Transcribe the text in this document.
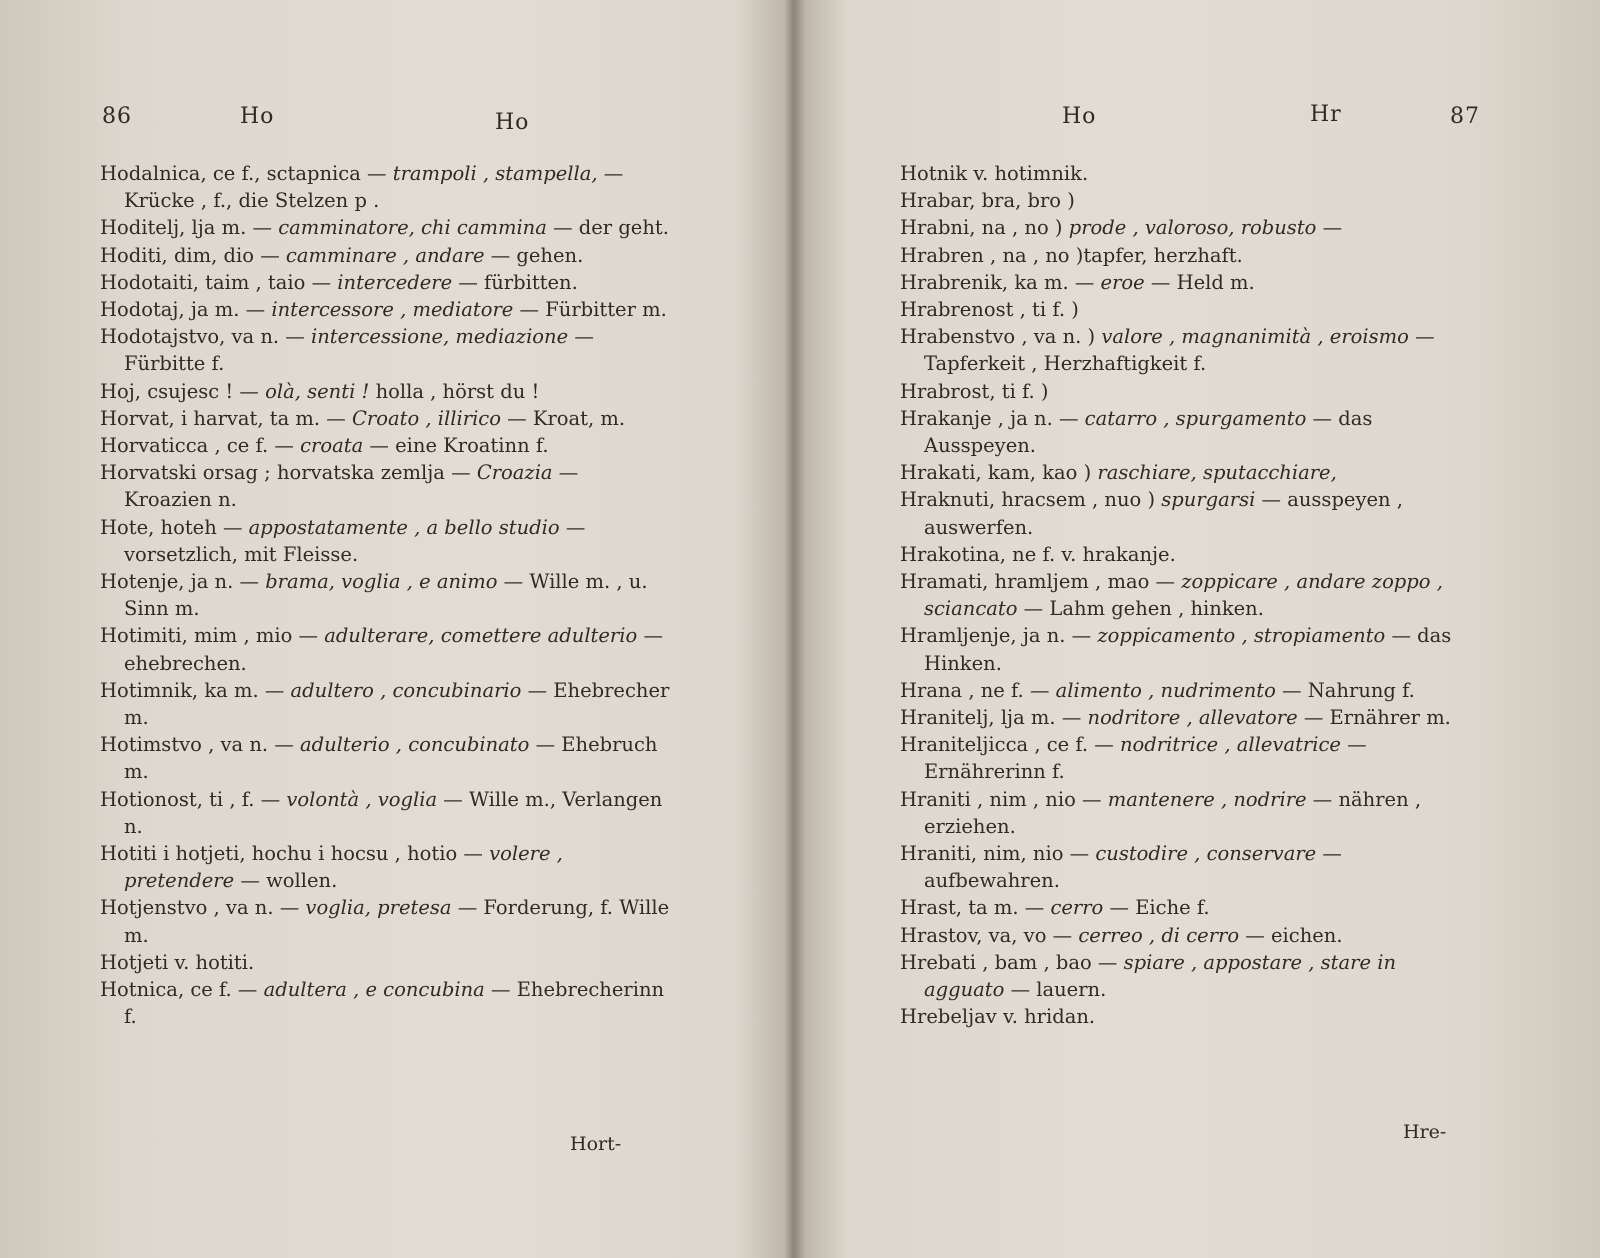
86	Ho	Ho
Hodalnica, ce f., sctapnica — trampoli , stampella, —Krücke , f., die Stelzen p .
Hoditelj, lja m. — camminatore, chi cammina — der geht.
Hoditi, dim, dio — camminare , andare — gehen.
Hodotaiti, taim , taio — intercedere — fürbitten.
Hodotaj, ja m. — intercessore , mediatore — Fürbitter m.
Hodotajstvo, va n. — intercessione, mediazione — Fürbitte f.
Hoj, csujesc ! — olà, senti ! holla , hörst du !
Horvat, i harvat, ta m. — Croato , illirico — Kroat, m.
Horvaticca , ce f. — croata — eine Kroatinn f.
Horvatski orsag ; horvatska zemlja — Croazia — Kroazien n.
Hote, hoteh — appostatamente , a bello studio — vorsetzlich, mit Fleisse.
Hotenje, ja n. — brama, voglia , e animo — Wille m. , u. Sinn m.
Hotimiti, mim , mio — adulterare, comettere adulterio — ehebrechen.
Hotimnik, ka m. — adultero , concubinario — Ehebrecher m.
Hotimstvo , va n. — adulterio , concubinato — Ehebruch m.
Hotionost, ti , f. — volontà , voglia — Wille m., Verlangen n.
Hotiti i hotjeti, hochu i hocsu , hotio — volere , pretendere — wollen.
Hotjenstvo , va n. — voglia, pretesa — Forderung, f. Wille m.
Hotjeti v. hotiti.
Hotnica, ce f. — adultera , e concubina — Ehebrecherinn f.
Hort-
Ho	Hr	87
Hotnik v. hotimnik.
Hrabar, bra, bro )
Hrabni, na , no ) prode , valoroso, robusto —
Hrabren , na , no )tapfer, herzhaft.
Hrabrenik, ka m. — eroe — Held m.
Hrabrenost , ti f. )
Hrabenstvo , va n. ) valore , magnanimità , eroismo — Tapferkeit , Herzhaftigkeit f.
Hrabrost, ti f. )
Hrakanje , ja n. — catarro , spurgamento — das Ausspeyen.
Hrakati, kam, kao ) raschiare, sputacchiare,
Hraknuti, hracsem , nuo ) spurgarsi — ausspeyen , auswerfen.
Hrakotina, ne f. v. hrakanje.
Hramati, hramljem , mao — zoppicare , andare zoppo , sciancato — Lahm gehen , hinken.
Hramljenje, ja n. — zoppicamento , stropiamento — das Hinken.
Hrana , ne f. — alimento , nudrimento — Nahrung f.
Hranitelj, lja m. — nodritore , allevatore — Ernährer m.
Hraniteljicca , ce f. — nodritrice , allevatrice — Ernährerinn f.
Hraniti , nim , nio — mantenere , nodrire — nähren , erziehen.
Hraniti, nim, nio — custodire , conservare — aufbewahren.
Hrast, ta m. — cerro — Eiche f.
Hrastov, va, vo — cerreo , di cerro — eichen.
Hrebati , bam , bao — spiare , appostare , stare in agguato — lauern.
Hrebeljav v. hridan.
Hre-
